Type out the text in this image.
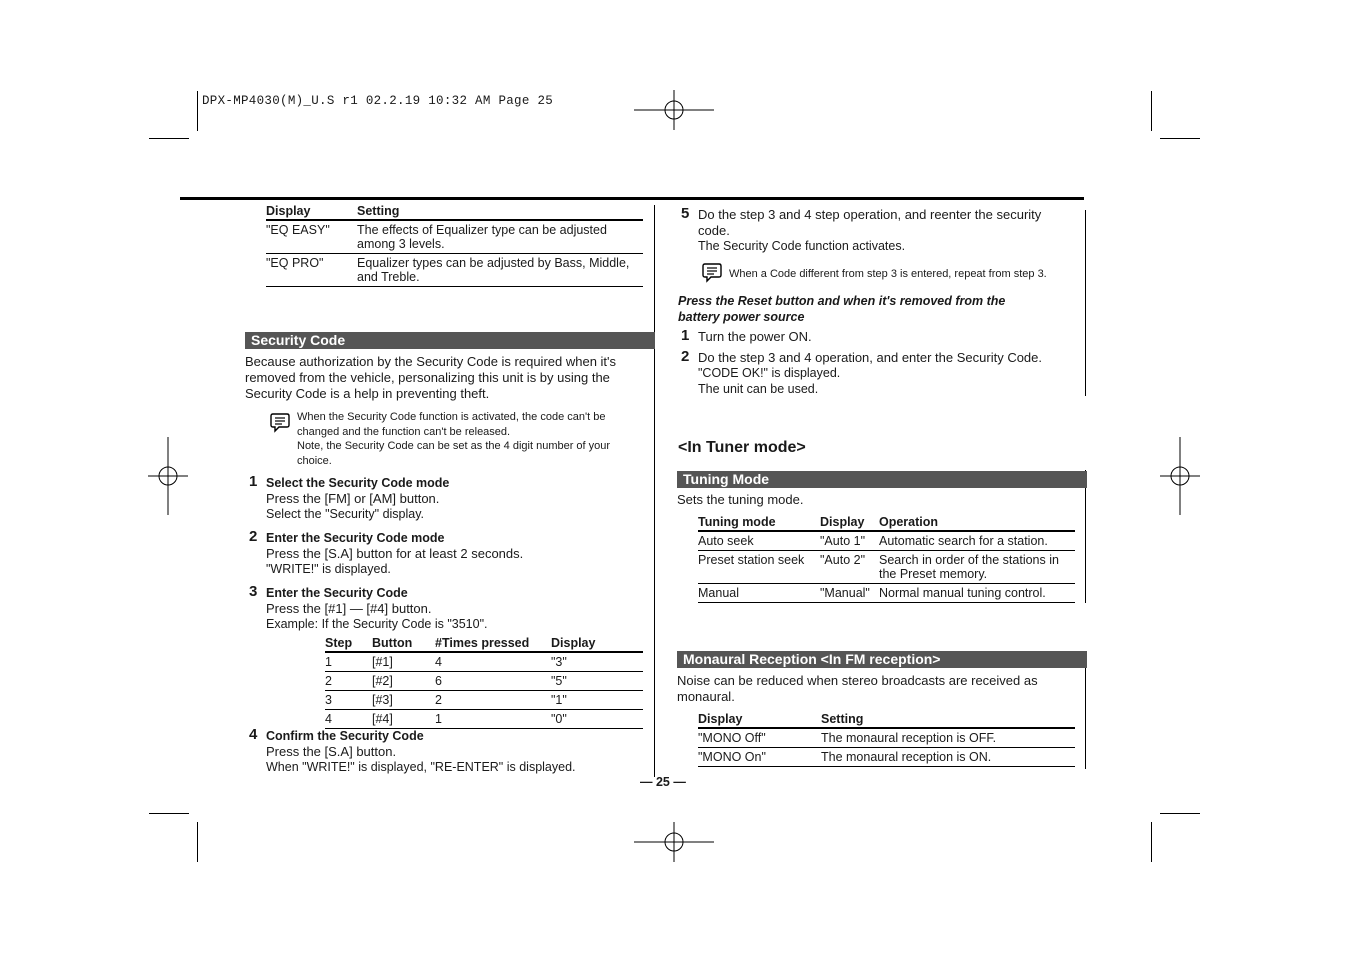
DPX-MP4030(M)_U.S r1 02.2.19 10:32 AM Page 25
Display	Setting
"EQ EASY"	The effects of Equalizer type can be adjusted
among 3 levels.

"EQ PRO"	Equalizer types can be adjusted by Bass, Middle,
and Treble.
Security Code
Because authorization by the Security Code is required when it's
removed from the vehicle, personalizing this unit is by using the
Security Code is a help in preventing theft.
When the Security Code function is activated, the code can't be
changed and the function can't be released.
Note, the Security Code can be set as the 4 digit number of your
choice.
1 Select the Security Code mode
Press the [FM] or [AM] button.
Select the "Security" display.
2 Enter the Security Code mode
Press the [S.A] button for at least 2 seconds.
"WRITE!" is displayed.
3 Enter the Security Code
Press the [#1] — [#4] button.
Example: If the Security Code is "3510".
Step	Button	#Times pressed	Display
1	[#1]	4	"3"
2	[#2]	6	"5"
3	[#3]	2	"1"
4	[#4]	1	"0"
4 Confirm the Security Code
Press the [S.A] button.
When "WRITE!" is displayed, "RE-ENTER" is displayed.
5 Do the step 3 and 4 step operation, and reenter the security
code.
The Security Code function activates.
When a Code different from step 3 is entered, repeat from step 3.
Press the Reset button and when it's removed from the
battery power source
1 Turn the power ON.
2 Do the step 3 and 4 operation, and enter the Security Code.
"CODE OK!" is displayed.
The unit can be used.
<In Tuner mode>
Tuning Mode
Sets the tuning mode.
Tuning mode	Display	Operation
Auto seek	"Auto 1"	Automatic search for a station.
Preset station seek	"Auto 2"	Search in order of the stations in
the Preset memory.

Manual	"Manual"	Normal manual tuning control.
Monaural Reception <In FM reception>
Noise can be reduced when stereo broadcasts are received as
monaural.
Display	Setting
"MONO Off"	The monaural reception is OFF.
"MONO On"	The monaural reception is ON.
— 25 —
